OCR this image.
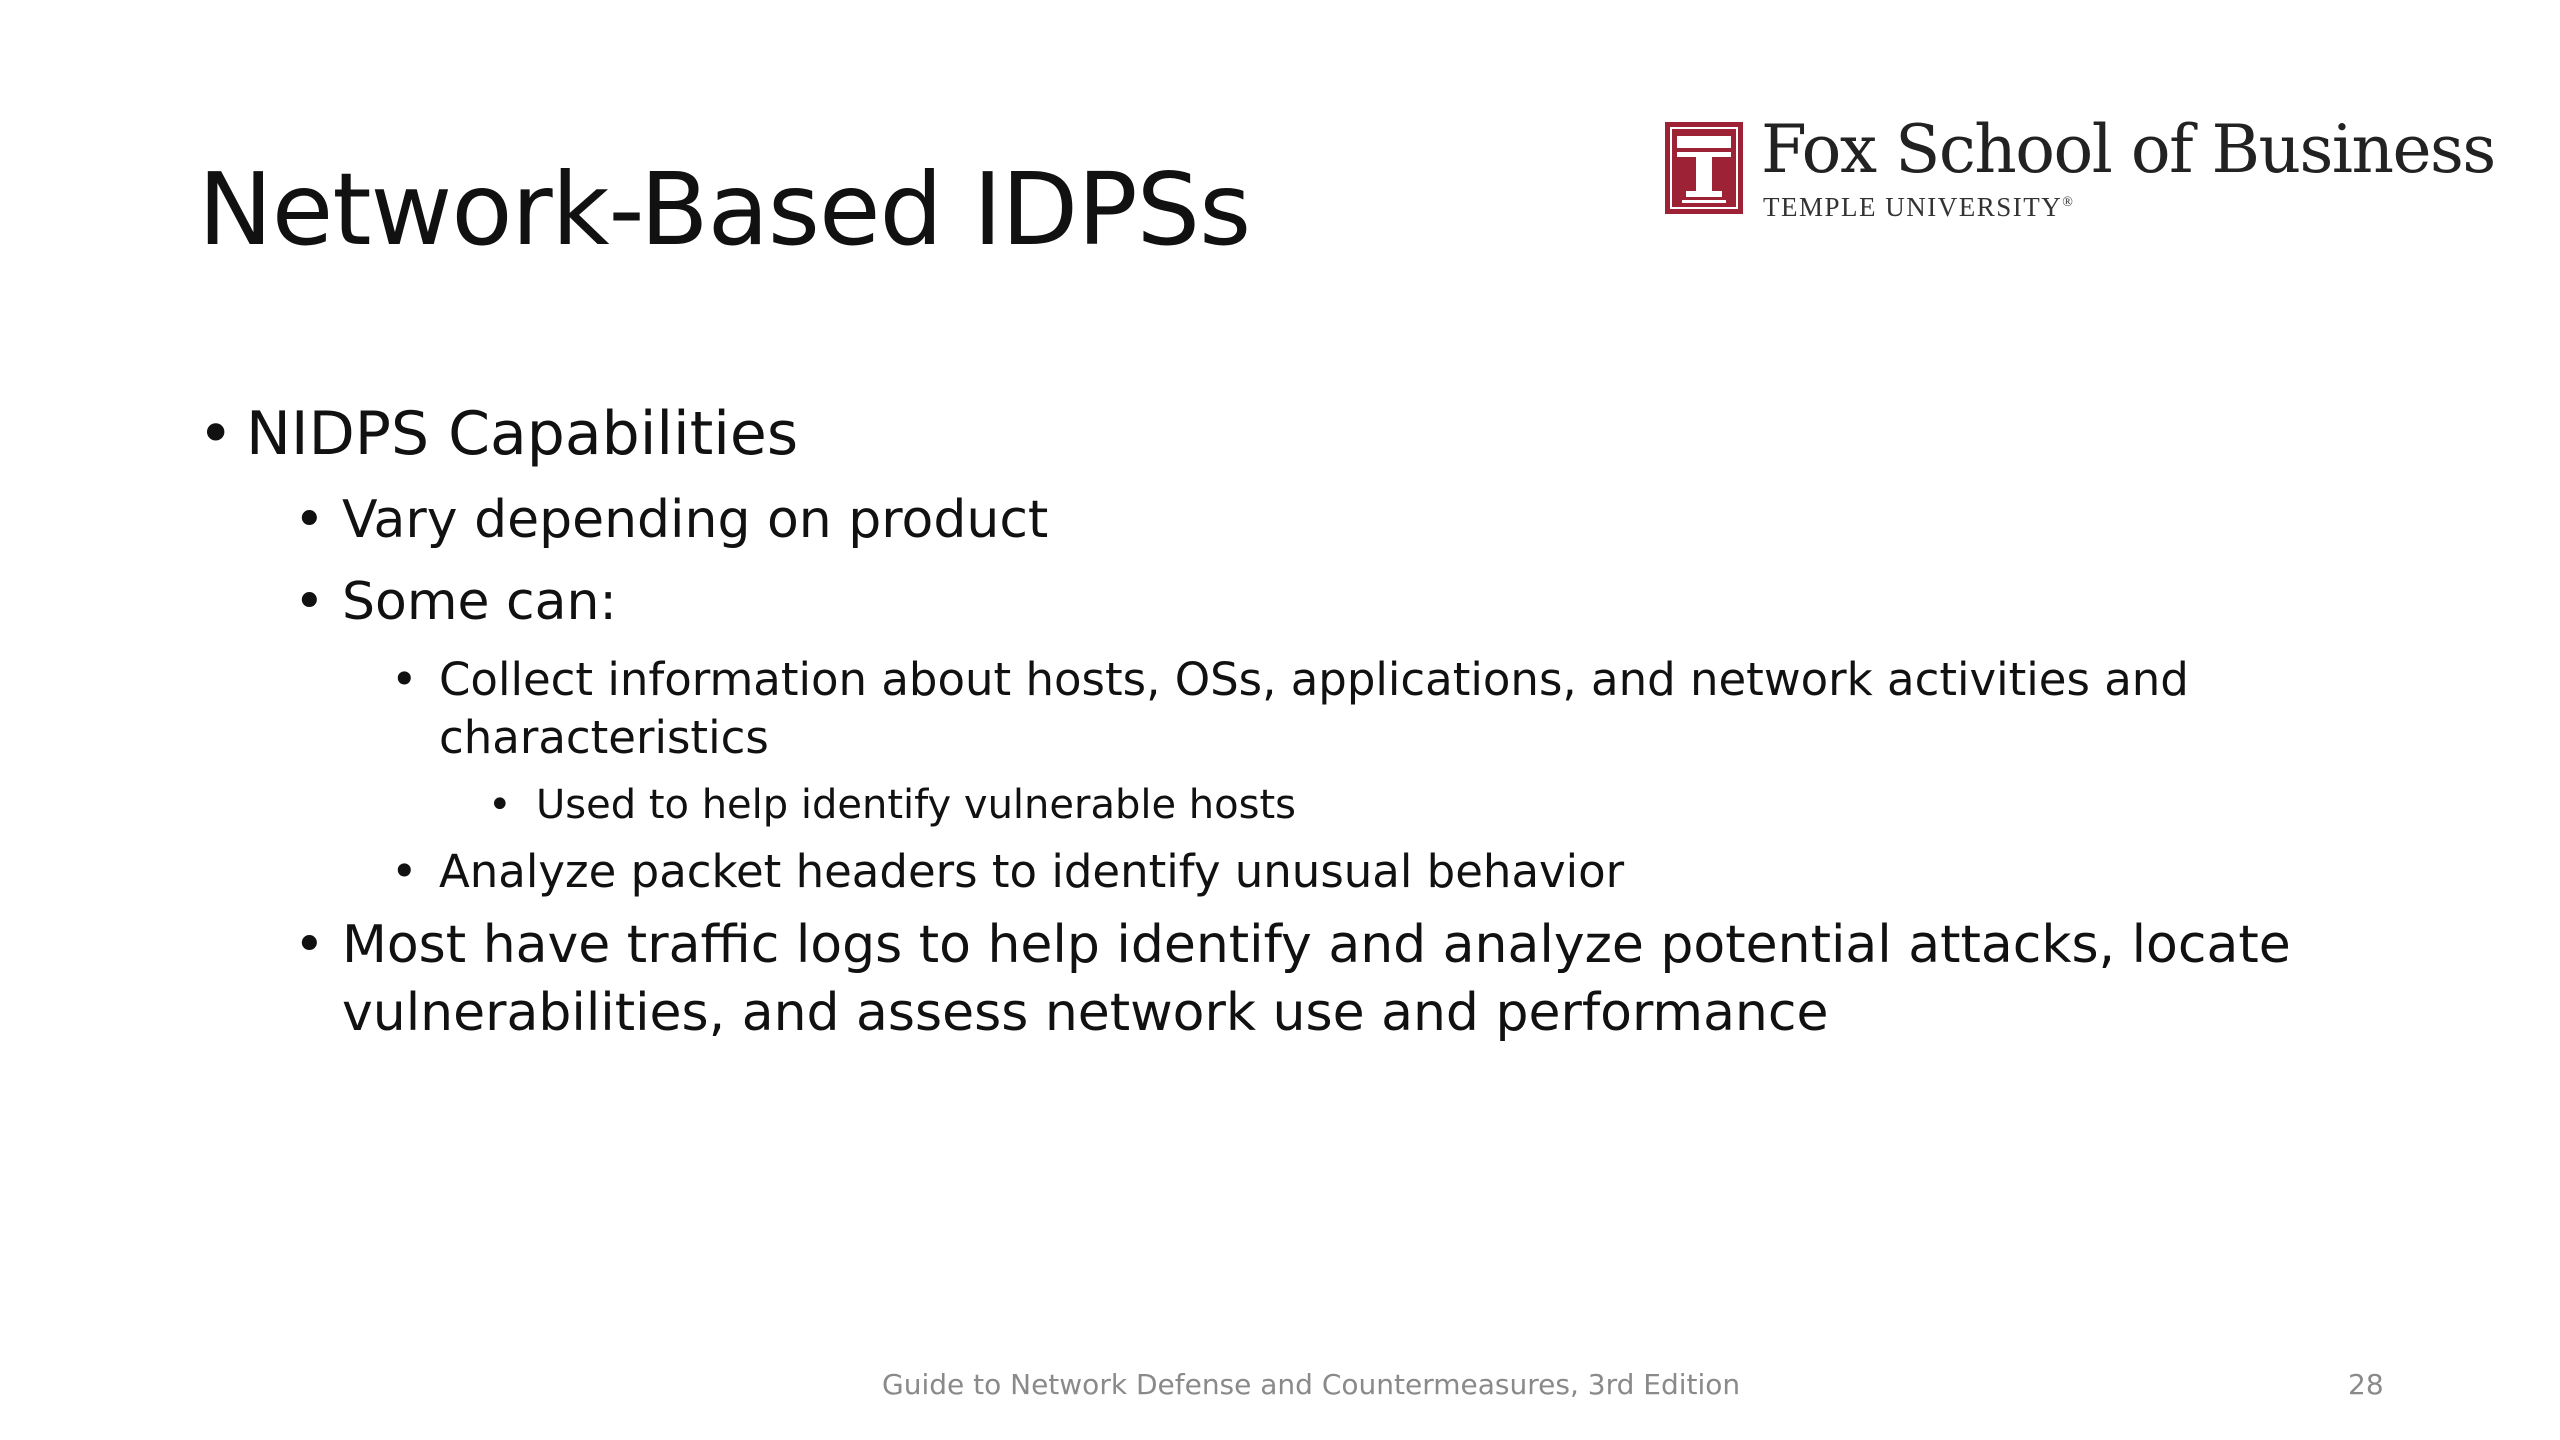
Network-Based IDPSs
Fox School of Business
TEMPLE UNIVERSITY®
• NIDPS Capabilities
• Vary depending on product
• Some can:
• Collect information about hosts, OSs, applications, and network activities and characteristics
• Used to help identify vulnerable hosts
• Analyze packet headers to identify unusual behavior
• Most have traffic logs to help identify and analyze potential attacks, locate vulnerabilities, and assess network use and performance
Guide to Network Defense and Countermeasures, 3rd Edition	28
